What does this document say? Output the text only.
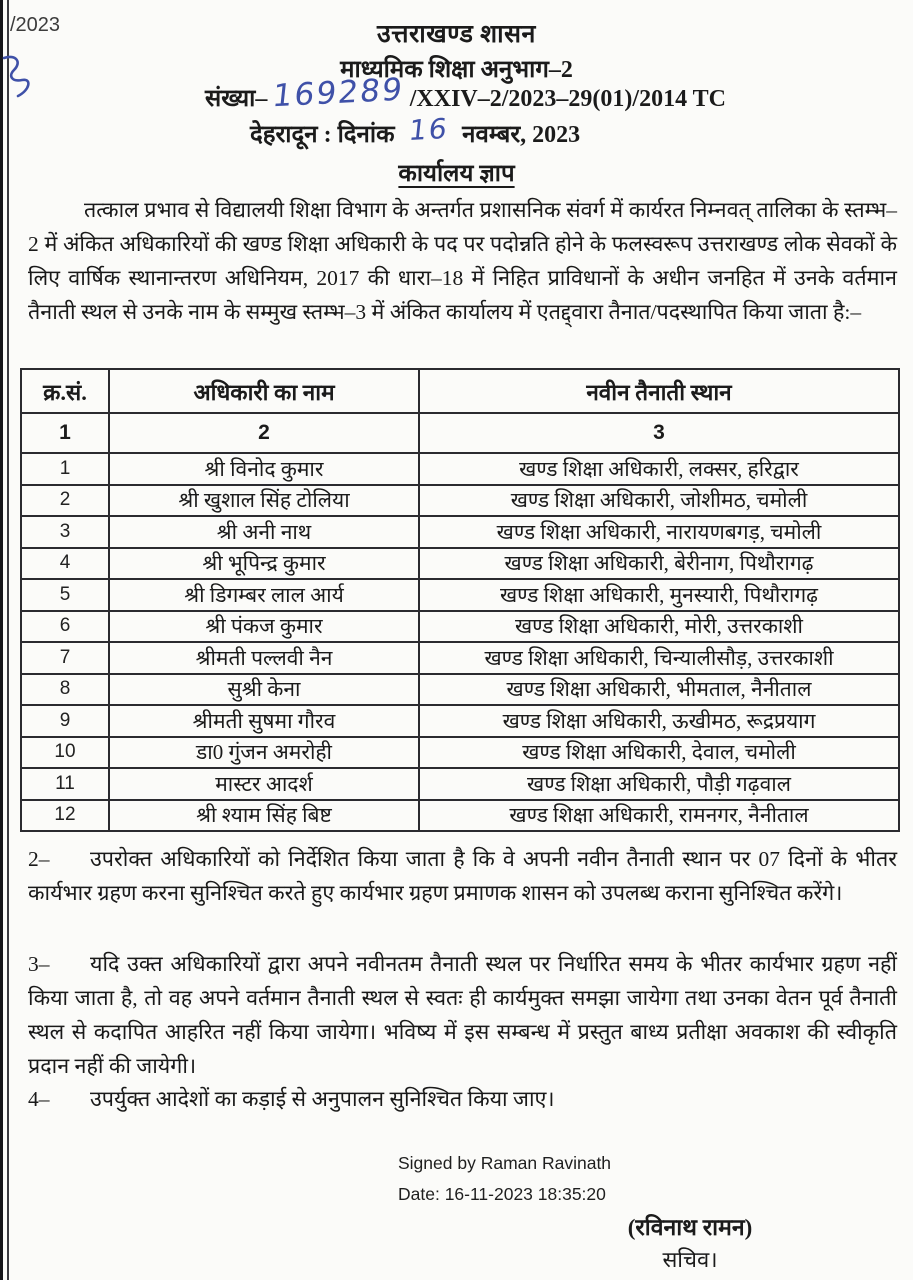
/2023	उत्तराखण्ड शासन
माध्यमिक शिक्षा अनुभाग–2
संख्या– 169289 /XXIV–2/2023–29(01)/2014 TC
देहरादून : दिनांक 16 नवम्बर, 2023
कार्यालय ज्ञाप
तत्काल प्रभाव से विद्यालयी शिक्षा विभाग के अन्तर्गत प्रशासनिक संवर्ग में कार्यरत निम्नवत् तालिका के स्तम्भ–2 में अंकित अधिकारियों की खण्ड शिक्षा अधिकारी के पद पर पदोन्नति होने के फलस्वरूप उत्तराखण्ड लोक सेवकों के लिए वार्षिक स्थानान्तरण अधिनियम, 2017 की धारा–18 में निहित प्राविधानों के अधीन जनहित में उनके वर्तमान तैनाती स्थल से उनके नाम के सम्मुख स्तम्भ–3 में अंकित कार्यालय में एतद्द्वारा तैनात/पदस्थापित किया जाता है:–
क्र.सं.	अधिकारी का नाम	नवीन तैनाती स्थान
1	2	3
1	श्री विनोद कुमार	खण्ड शिक्षा अधिकारी, लक्सर, हरिद्वार
2	श्री खुशाल सिंह टोलिया	खण्ड शिक्षा अधिकारी, जोशीमठ, चमोली
3	श्री अनी नाथ	खण्ड शिक्षा अधिकारी, नारायणबगड़, चमोली
4	श्री भूपिन्द्र कुमार	खण्ड शिक्षा अधिकारी, बेरीनाग, पिथौरागढ़
5	श्री डिगम्बर लाल आर्य	खण्ड शिक्षा अधिकारी, मुनस्यारी, पिथौरागढ़
6	श्री पंकज कुमार	खण्ड शिक्षा अधिकारी, मोरी, उत्तरकाशी
7	श्रीमती पल्लवी नैन	खण्ड शिक्षा अधिकारी, चिन्यालीसौड़, उत्तरकाशी
8	सुश्री केना	खण्ड शिक्षा अधिकारी, भीमताल, नैनीताल
9	श्रीमती सुषमा गौरव	खण्ड शिक्षा अधिकारी, ऊखीमठ, रूद्रप्रयाग
10	डा0 गुंजन अमरोही	खण्ड शिक्षा अधिकारी, देवाल, चमोली
11	मास्टर आदर्श	खण्ड शिक्षा अधिकारी, पौड़ी गढ़वाल
12	श्री श्याम सिंह बिष्ट	खण्ड शिक्षा अधिकारी, रामनगर, नैनीताल
2– उपरोक्त अधिकारियों को निर्देशित किया जाता है कि वे अपनी नवीन तैनाती स्थान पर 07 दिनों के भीतर कार्यभार ग्रहण करना सुनिश्चित करते हुए कार्यभार ग्रहण प्रमाणक शासन को उपलब्ध कराना सुनिश्चित करेंगे।
3– यदि उक्त अधिकारियों द्वारा अपने नवीनतम तैनाती स्थल पर निर्धारित समय के भीतर कार्यभार ग्रहण नहीं किया जाता है, तो वह अपने वर्तमान तैनाती स्थल से स्वतः ही कार्यमुक्त समझा जायेगा तथा उनका वेतन पूर्व तैनाती स्थल से कदापित आहरित नहीं किया जायेगा। भविष्य में इस सम्बन्ध में प्रस्तुत बाध्य प्रतीक्षा अवकाश की स्वीकृति प्रदान नहीं की जायेगी।
4– उपर्युक्त आदेशों का कड़ाई से अनुपालन सुनिश्चित किया जाए।
Signed by Raman Ravinath
Date: 16-11-2023 18:35:20
(रविनाथ रामन)
सचिव।
